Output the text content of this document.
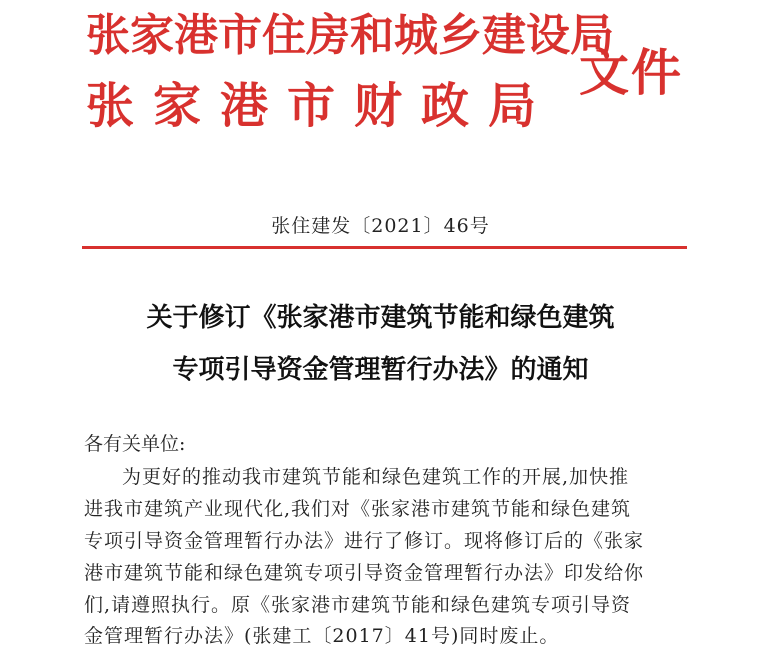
张家港市住房和城乡建设局
张家港市财政局
文件
张住建发〔2021〕46号
关于修订《张家港市建筑节能和绿色建筑
专项引导资金管理暂行办法》的通知
各有关单位:
为更好的推动我市建筑节能和绿色建筑工作的开展,加快推
进我市建筑产业现代化,我们对《张家港市建筑节能和绿色建筑
专项引导资金管理暂行办法》进行了修订。现将修订后的《张家
港市建筑节能和绿色建筑专项引导资金管理暂行办法》印发给你
们,请遵照执行。原《张家港市建筑节能和绿色建筑专项引导资
金管理暂行办法》(张建工〔2017〕41号)同时废止。
